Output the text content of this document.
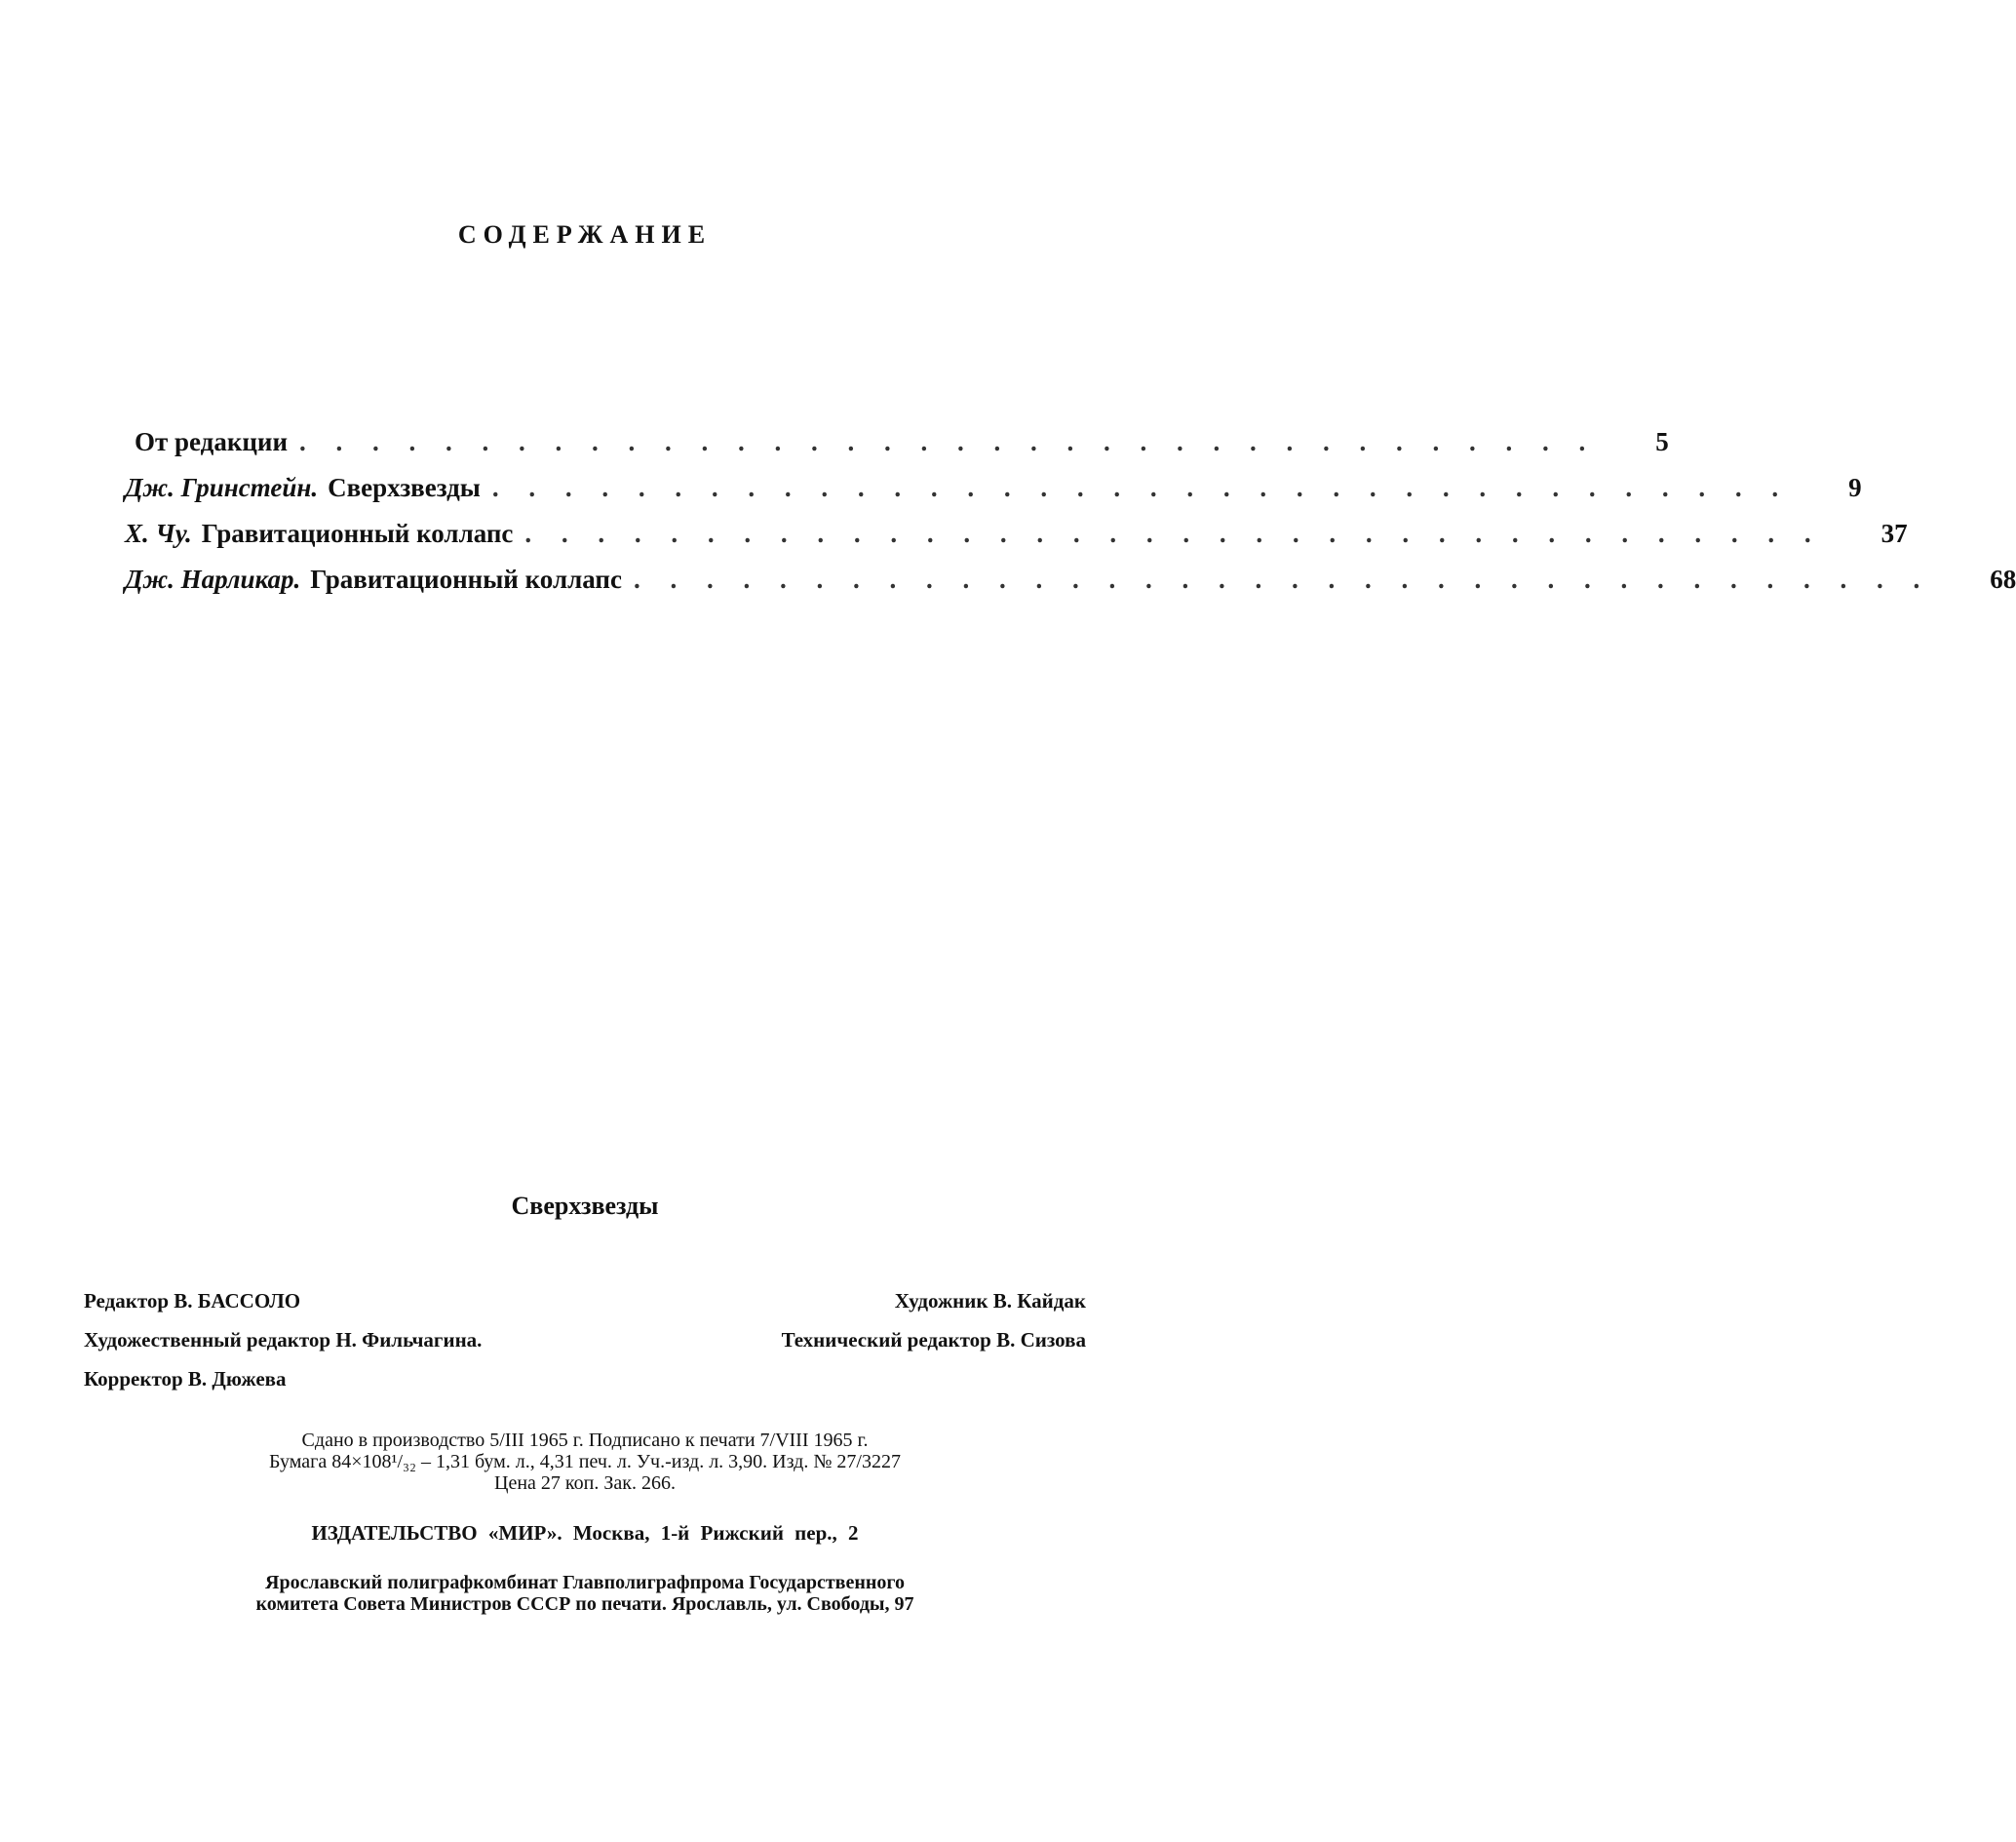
СОДЕРЖАНИЕ
От редакции . . . . . . . . . . . . . . . . . . . . . . . . . . . . . . . . . . . . 5
Дж. Гринстейн. Сверхзвезды . . . . . . . . . . . . . . . . . . . . . . . . . . . . . . . . . . . . 9
Х. Чу. Гравитационный коллапс . . . . . . . . . . . . . . . . . . . . . . . . . . . . . . . . . . . . 37
Дж. Нарликар. Гравитационный коллапс . . . . . . . . . . . . . . . . . . . . . . . . . . . . . . . . . . . . 68
Сверхзвезды
Редактор В. БАССОЛО	Художник В. Кайдак
Художественный редактор Н. Фильчагина.	Технический редактор В. Сизова
Корректор В. Дюжева
Сдано в производство 5/III 1965 г. Подписано к печати 7/VIII 1965 г.
Бумага 84×108¹/₃₂ – 1,31 бум. л., 4,31 печ. л. Уч.-изд. л. 3,90. Изд. № 27/3227
Цена 27 коп. Зак. 266.
ИЗДАТЕЛЬСТВО «МИР». Москва, 1-й Рижский пер., 2
Ярославский полиграфкомбинат Главполиграфпрома Государственного
комитета Совета Министров СССР по печати. Ярославль, ул. Свободы, 97
